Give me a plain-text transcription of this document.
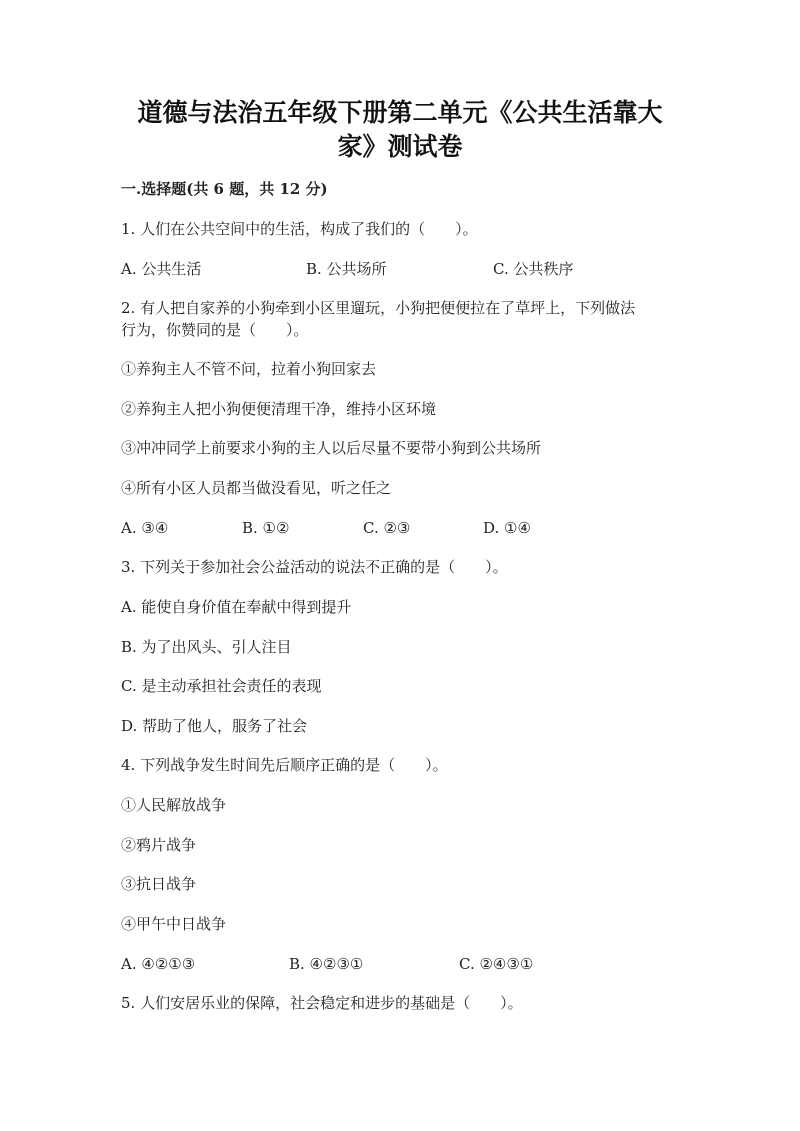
道德与法治五年级下册第二单元《公共生活靠大
家》测试卷
一.选择题(共 6 题，共 12 分)
1. 人们在公共空间中的生活，构成了我们的（　　）。
A. 公共生活	B. 公共场所	C. 公共秩序
2. 有人把自家养的小狗牵到小区里遛玩，小狗把便便拉在了草坪上，下列做法
行为，你赞同的是（　　）。
①养狗主人不管不问，拉着小狗回家去
②养狗主人把小狗便便清理干净，维持小区环境
③冲冲同学上前要求小狗的主人以后尽量不要带小狗到公共场所
④所有小区人员都当做没看见，听之任之
A. ③④	B. ①②	C. ②③	D. ①④
3. 下列关于参加社会公益活动的说法不正确的是（　　）。
A. 能使自身价值在奉献中得到提升
B. 为了出风头、引人注目
C. 是主动承担社会责任的表现
D. 帮助了他人，服务了社会
4. 下列战争发生时间先后顺序正确的是（　　）。
①人民解放战争
②鸦片战争
③抗日战争
④甲午中日战争
A. ④②①③	B. ④②③①	C. ②④③①
5. 人们安居乐业的保障，社会稳定和进步的基础是（　　）。
